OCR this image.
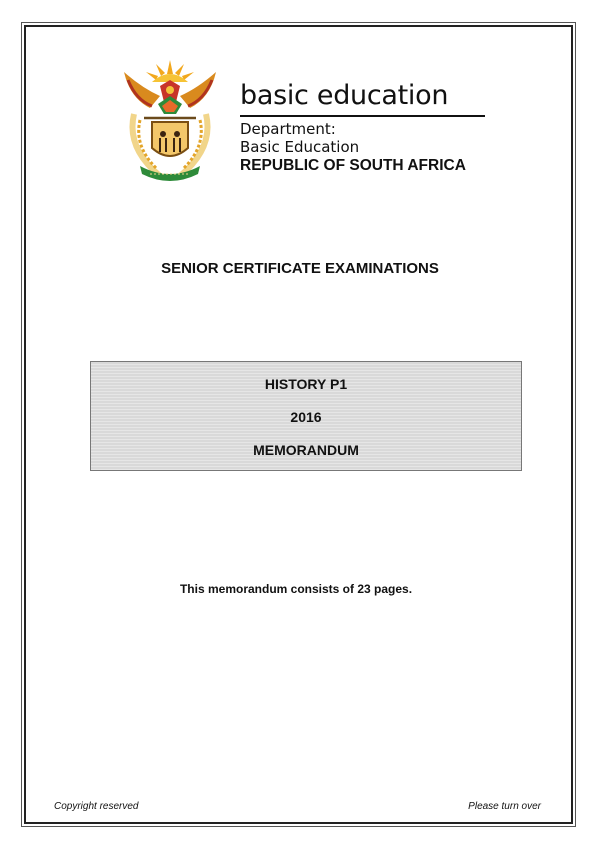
basic education
Department:
Basic Education
REPUBLIC OF SOUTH AFRICA
SENIOR CERTIFICATE EXAMINATIONS
HISTORY P1
2016
MEMORANDUM
This memorandum consists of 23 pages.
Copyright reserved	Please turn over
